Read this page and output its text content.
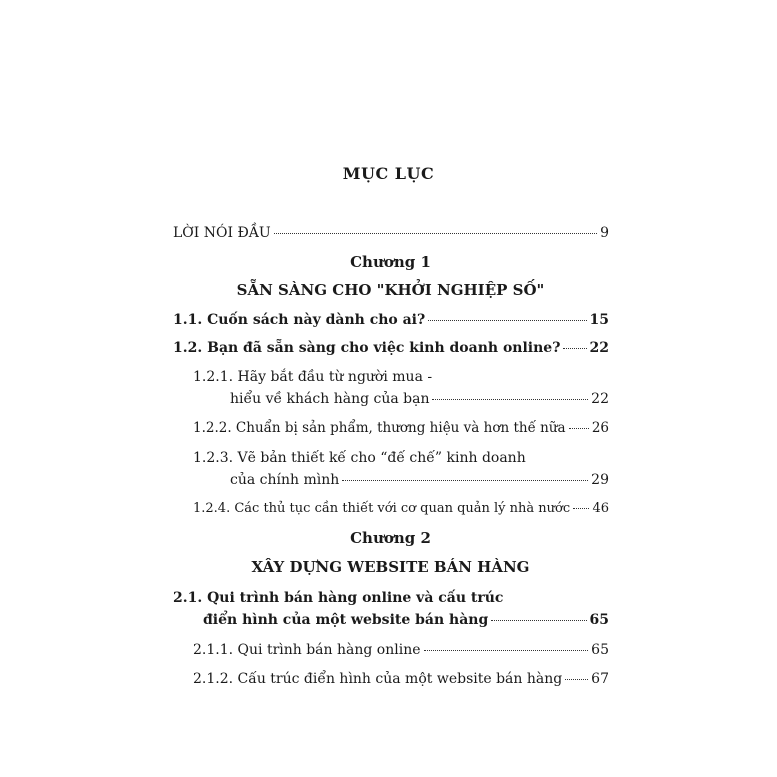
MỤC LỤC
LỜI NÓI ĐẦU	9
Chương 1
SẴN SÀNG CHO "KHỞI NGHIỆP SỐ"
1.1. Cuốn sách này dành cho ai?	15
1.2. Bạn đã sẵn sàng cho việc kinh doanh online? 22
1.2.1. Hãy bắt đầu từ người mua -
hiểu về khách hàng của bạn	22
1.2.2. Chuẩn bị sản phẩm, thương hiệu và hơn thế nữa 26
1.2.3. Vẽ bản thiết kế cho “đế chế” kinh doanh
của chính mình	29
1.2.4. Các thủ tục cần thiết với cơ quan quản lý nhà nước 46
Chương 2
XÂY DỰNG WEBSITE BÁN HÀNG
2.1. Qui trình bán hàng online và cấu trúc
điển hình của một website bán hàng	65
2.1.1. Qui trình bán hàng online	65
2.1.2. Cấu trúc điển hình của một website bán hàng 67
